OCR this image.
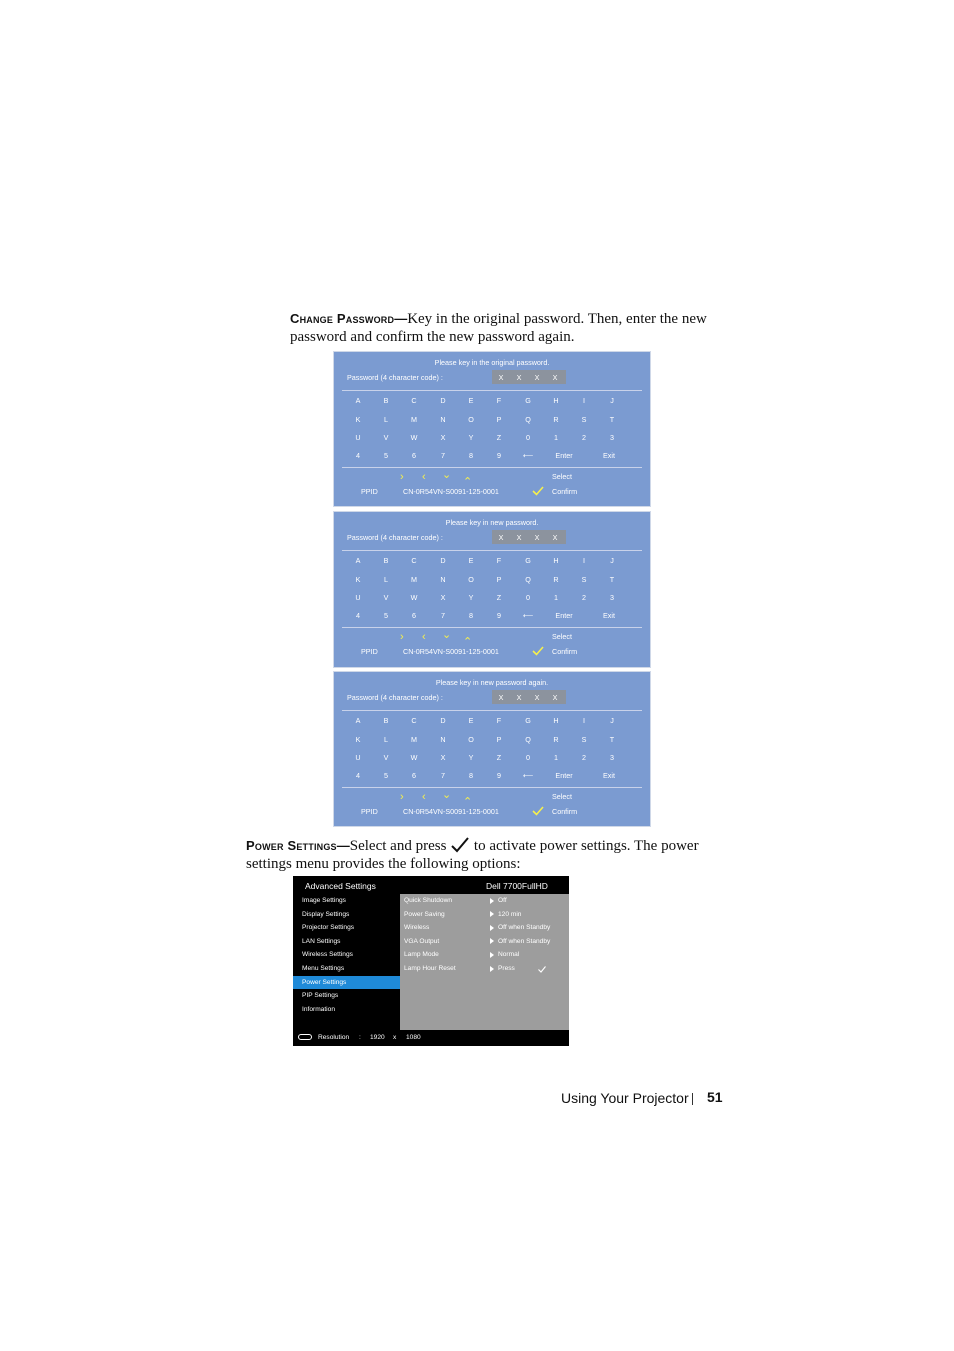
Change Password—Key in the original password. Then, enter the new
password and confirm the new password again.
Please key in the original password.
Password (4 character code) :	X	X	X	X
A	B	C	D	E	F	G	H	I	J
K	L	M	N	O	P	Q	R	S	T
U	V	W	X	Y	Z	0	1	2	3
4	5	6	7	8	9	⟵	Enter	Exit
› ‹ ⌄
⌃	Select
PPID	CN-0R54VN-S0091-125-0001	Confirm
Please key in new password.
Password (4 character code) :	X	X	X	X
A	B	C	D	E	F	G	H	I	J
K	L	M	N	O	P	Q	R	S	T
U	V	W	X	Y	Z	0	1	2	3
4	5	6	7	8	9	⟵	Enter	Exit
› ‹ ⌄
⌃	Select
PPID	CN-0R54VN-S0091-125-0001	Confirm
Please key in new password again.
Password (4 character code) :	X	X	X	X
A	B	C	D	E	F	G	H	I	J
K	L	M	N	O	P	Q	R	S	T
U	V	W	X	Y	Z	0	1	2	3
4	5	6	7	8	9	⟵	Enter	Exit
› ‹ ⌄
⌃	Select
PPID	CN-0R54VN-S0091-125-0001	Confirm
Power Settings—Select and press to activate power settings. The power
settings menu provides the following options:
Advanced Settings	Dell 7700FullHD
Image Settings
Display Settings
Projector Settings
LAN Settings
Wireless Settings
Menu Settings
Power Settings
PIP Settings
Information
Quick Shutdown	Off
Power Saving	120 min
Wireless	Off when Standby
VGA Output	Off when Standby
Lamp Mode	Normal
Lamp Hour Reset	Press
Resolution : 1920 x 1080
Using Your Projector 51
